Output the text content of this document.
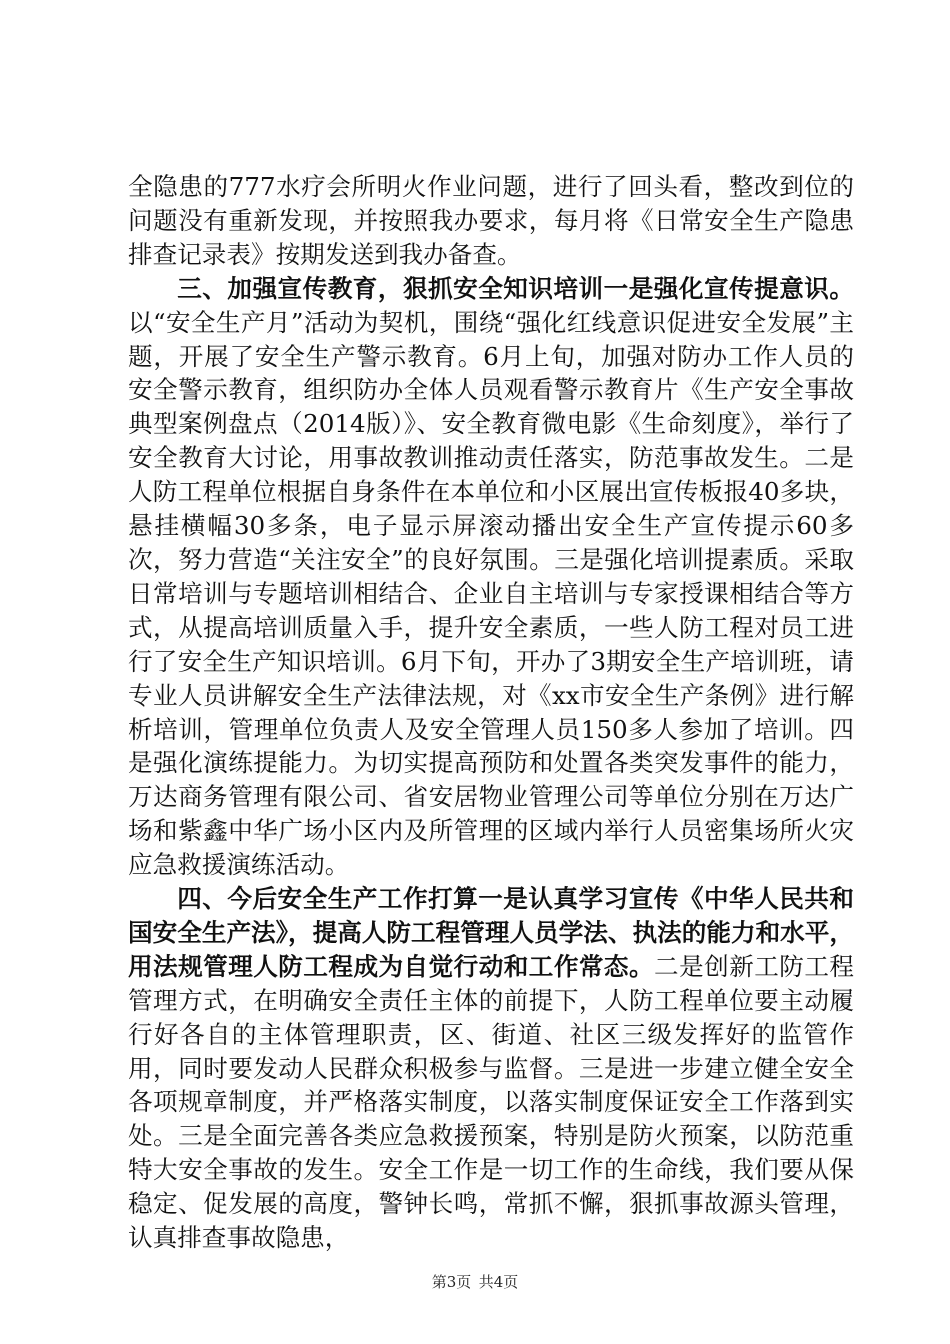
全隐患的777水疗会所明火作业问题，进行了回头看，整改到位的问题没有重新发现，并按照我办要求，每月将《日常安全生产隐患排查记录表》按期发送到我办备查。

三、加强宣传教育，狠抓安全知识培训一是强化宣传提意识。以“安全生产月”活动为契机，围绕“强化红线意识促进安全发展”主题，开展了安全生产警示教育。6月上旬，加强对防办工作人员的安全警示教育，组织防办全体人员观看警示教育片《生产安全事故典型案例盘点（2014版）》、安全教育微电影《生命刻度》，举行了安全教育大讨论，用事故教训推动责任落实，防范事故发生。二是人防工程单位根据自身条件在本单位和小区展出宣传板报40多块，悬挂横幅30多条，电子显示屏滚动播出安全生产宣传提示60多次，努力营造“关注安全”的良好氛围。三是强化培训提素质。采取日常培训与专题培训相结合、企业自主培训与专家授课相结合等方式，从提高培训质量入手，提升安全素质，一些人防工程对员工进行了安全生产知识培训。6月下旬，开办了3期安全生产培训班，请专业人员讲解安全生产法律法规，对《xx市安全生产条例》进行解析培训，管理单位负责人及安全管理人员150多人参加了培训。四是强化演练提能力。为切实提高预防和处置各类突发事件的能力，万达商务管理有限公司、省安居物业管理公司等单位分别在万达广场和紫鑫中华广场小区内及所管理的区域内举行人员密集场所火灾应急救援演练活动。

四、今后安全生产工作打算一是认真学习宣传《中华人民共和国安全生产法》，提高人防工程管理人员学法、执法的能力和水平，用法规管理人防工程成为自觉行动和工作常态。二是创新工防工程管理方式，在明确安全责任主体的前提下，人防工程单位要主动履行好各自的主体管理职责，区、街道、社区三级发挥好的监管作用，同时要发动人民群众积极参与监督。三是进一步建立健全安全各项规章制度，并严格落实制度，以落实制度保证安全工作落到实处。三是全面完善各类应急救援预案，特别是防火预案，以防范重特大安全事故的发生。安全工作是一切工作的生命线，我们要从保稳定、促发展的高度，警钟长鸣，常抓不懈，狠抓事故源头管理，认真排查事故隐患，

第3页 共4页
